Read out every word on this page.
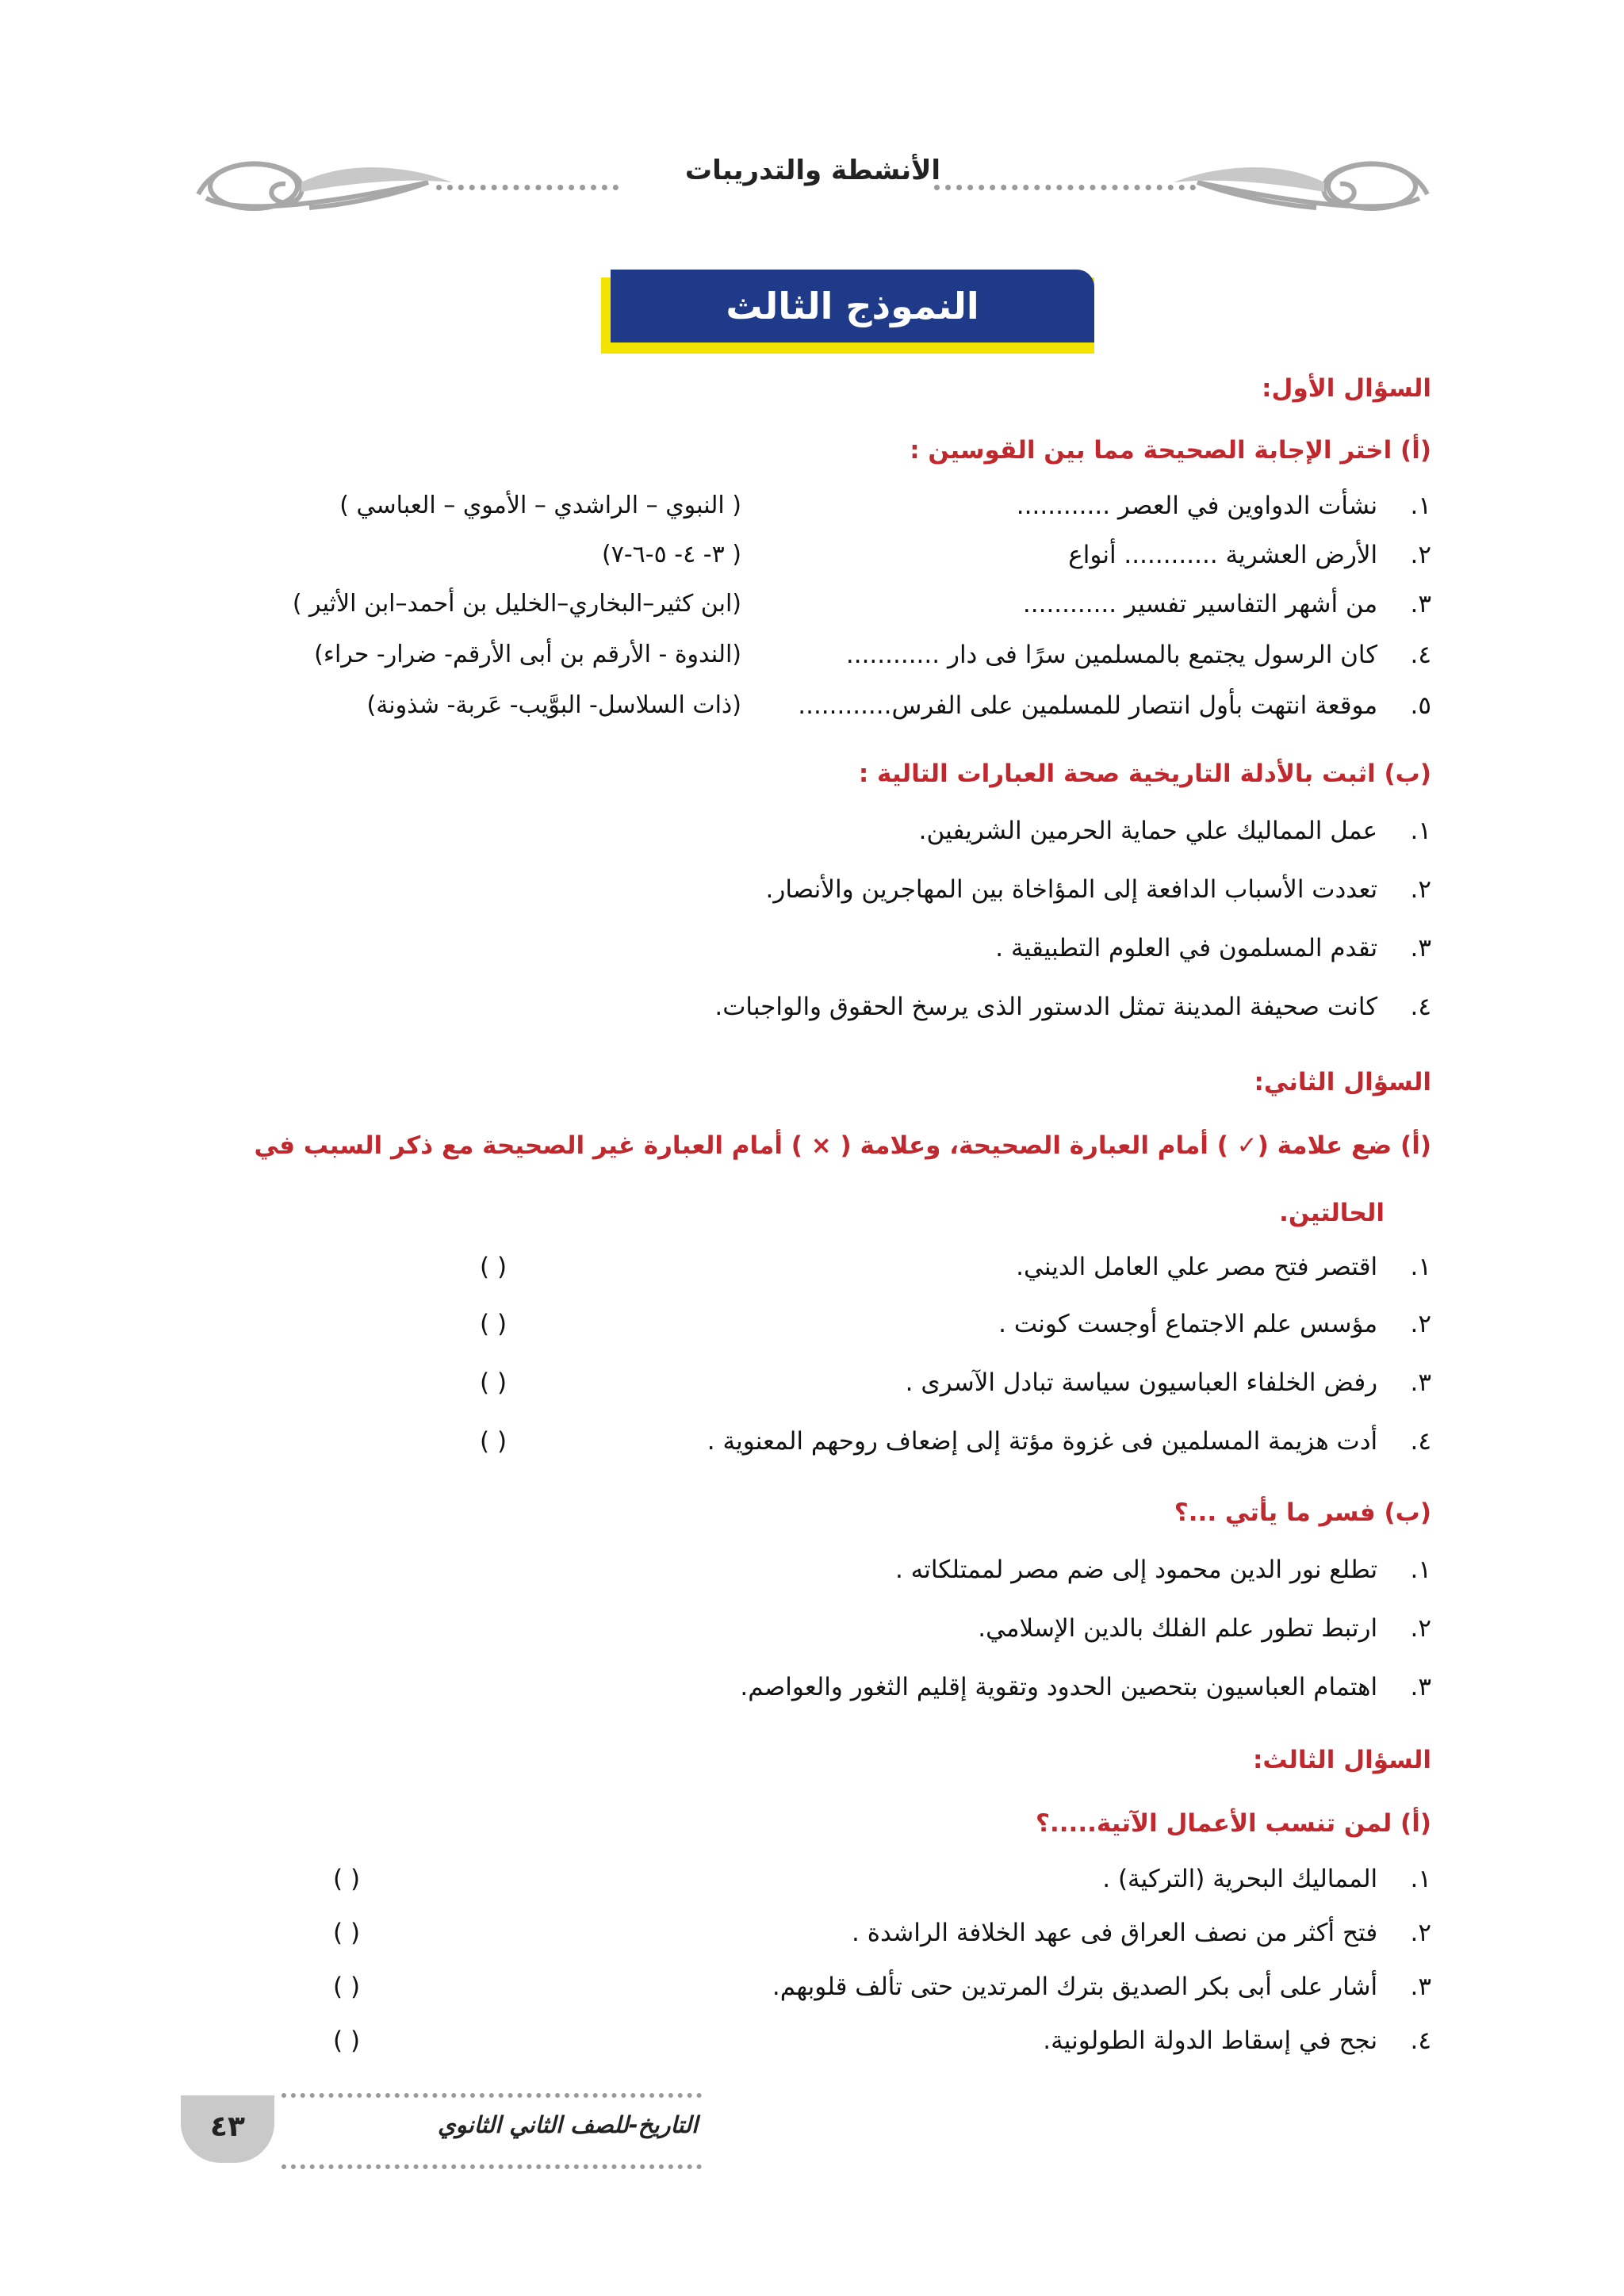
الأنشطة والتدريبات
النموذج الثالث
السؤال الأول:
(أ) اختر الإجابة الصحيحة مما بين القوسين :
١. نشأت الدواوين في العصر ............
( النبوي – الراشدي – الأموي – العباسي )
٢. الأرض العشرية ............ أنواع
( ٣- ٤- ٥-٦-٧)
٣. من أشهر التفاسير تفسير ............
(ابن كثير–البخاري–الخليل بن أحمد–ابن الأثير )
٤. كان الرسول يجتمع بالمسلمين سرًا فى دار ............
(الندوة - الأرقم بن أبى الأرقم- ضرار- حراء)
٥. موقعة انتهت بأول انتصار للمسلمين على الفرس............
(ذات السلاسل- البوَّيب- عَربة- شذونة)
(ب) اثبت بالأدلة التاريخية صحة العبارات التالية :
١. عمل المماليك علي حماية الحرمين الشريفين.
٢. تعددت الأسباب الدافعة إلى المؤاخاة بين المهاجرين والأنصار.
٣. تقدم المسلمون في العلوم التطبيقية .
٤. كانت صحيفة المدينة تمثل الدستور الذى يرسخ الحقوق والواجبات.
السؤال الثاني:
(أ) ضع علامة (✓ ) أمام العبارة الصحيحة، وعلامة ( × ) أمام العبارة غير الصحيحة مع ذكر السبب في
الحالتين.
١. اقتصر فتح مصر علي العامل الديني.
( )
٢. مؤسس علم الاجتماع أوجست كونت .
( )
٣. رفض الخلفاء العباسيون سياسة تبادل الآسرى .
( )
٤. أدت هزيمة المسلمين فى غزوة مؤتة إلى إضعاف روحهم المعنوية .
( )
(ب) فسر ما يأتي ...؟
١. تطلع نور الدين محمود إلى ضم مصر لممتلكاته .
٢. ارتبط تطور علم الفلك بالدين الإسلامي.
٣. اهتمام العباسيون بتحصين الحدود وتقوية إقليم الثغور والعواصم.
السؤال الثالث:
(أ) لمن تنسب الأعمال الآتية.....؟
١. المماليك البحرية (التركية) .
( )
٢. فتح أكثر من نصف العراق فى عهد الخلافة الراشدة .
( )
٣. أشار على أبى بكر الصديق بترك المرتدين حتى تألف قلوبهم.
( )
٤. نجح في إسقاط الدولة الطولونية.
( )
٤٣	التاريخ-للصف الثاني الثانوي
